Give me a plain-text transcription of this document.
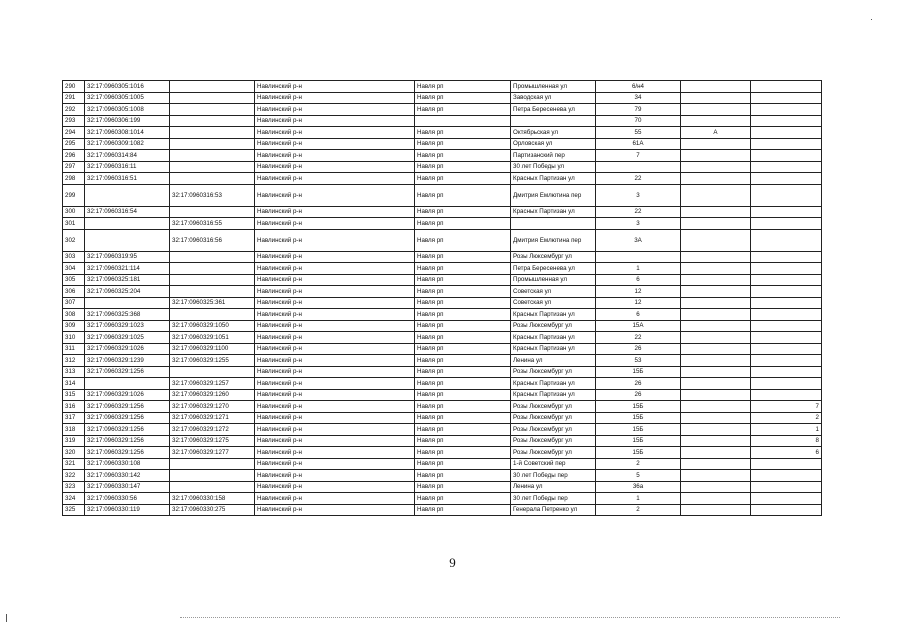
290	32:17:0960305:1016		Навлинский р-н	Навля рп	Промышленная ул	6/н4		
291	32:17:0960305:1005		Навлинский р-н	Навля рп	Заводская ул	34		
292	32:17:0960305:1008		Навлинский р-н	Навля рп	Петра Бересенева ул	79		
293	32:17:0960306:199		Навлинский р-н			70		
294	32:17:0960308:1014		Навлинский р-н	Навля рп	Октябрьская ул	55	А	
295	32:17:0960309:1082		Навлинский р-н	Навля рп	Орловская ул	61А		
296	32:17:0960314:84		Навлинский р-н	Навля рп	Партизанский пер	7		
297	32:17:0960316:11		Навлинский р-н	Навля рп	30 лет Победы ул			
298	32:17:0960316:51		Навлинский р-н	Навля рп	Красных Партизан ул	22		
299		32:17:0960316:53	Навлинский р-н	Навля рп	Дмитрия Емлютина пер	3		
300	32:17:0960316:54		Навлинский р-н	Навля рп	Красных Партизан ул	22		
301		32:17:0960316:55	Навлинский р-н	Навля рп		3		
302		32:17:0960316:56	Навлинский р-н	Навля рп	Дмитрия Емлютина пер	3А		
303	32:17:0960319:95		Навлинский р-н	Навля рп	Розы Люксембург ул			
304	32:17:0960321:114		Навлинский р-н	Навля рп	Петра Бересенева ул	1		
305	32:17:0960325:181		Навлинский р-н	Навля рп	Промышленная ул	6		
306	32:17:0960325:204		Навлинский р-н	Навля рп	Советская ул	12		
307		32:17:0960325:361	Навлинский р-н	Навля рп	Советская ул	12		
308	32:17:0960325:368		Навлинский р-н	Навля рп	Красных Партизан ул	6		
309	32:17:0960329:1023	32:17:0960329:1050	Навлинский р-н	Навля рп	Розы Люксембург ул	15А		
310	32:17:0960329:1025	32:17:0960329:1051	Навлинский р-н	Навля рп	Красных Партизан ул	22		
311	32:17:0960329:1026	32:17:0960329:1100	Навлинский р-н	Навля рп	Красных Партизан ул	26		
312	32:17:0960329:1239	32:17:0960329:1255	Навлинский р-н	Навля рп	Ленина ул	53		
313	32:17:0960329:1256		Навлинский р-н	Навля рп	Розы Люксембург ул	15Б		
314		32:17:0960329:1257	Навлинский р-н	Навля рп	Красных Партизан ул	26		
315	32:17:0960329:1026	32:17:0960329:1260	Навлинский р-н	Навля рп	Красных Партизан ул	26		
316	32:17:0960329:1256	32:17:0960329:1270	Навлинский р-н	Навля рп	Розы Люксембург ул	15Б		7
317	32:17:0960329:1256	32:17:0960329:1271	Навлинский р-н	Навля рп	Розы Люксембург ул	15Б		2
318	32:17:0960329:1256	32:17:0960329:1272	Навлинский р-н	Навля рп	Розы Люксембург ул	15Б		1
319	32:17:0960329:1256	32:17:0960329:1275	Навлинский р-н	Навля рп	Розы Люксембург ул	15Б		8
320	32:17:0960329:1256	32:17:0960329:1277	Навлинский р-н	Навля рп	Розы Люксембург ул	15Б		6
321	32:17:0960330:108		Навлинский р-н	Навля рп	1-й Советский пер	2		
322	32:17:0960330:142		Навлинский р-н	Навля рп	30 лет Победы пер	5		
323	32:17:0960330:147		Навлинский р-н	Навля рп	Ленина ул	36а		
324	32:17:0960330:56	32:17:0960330:158	Навлинский р-н	Навля рп	30 лет Победы пер	1		
325	32:17:0960330:119	32:17:0960330:275	Навлинский р-н	Навля рп	Генерала Петренко ул	2		
9
